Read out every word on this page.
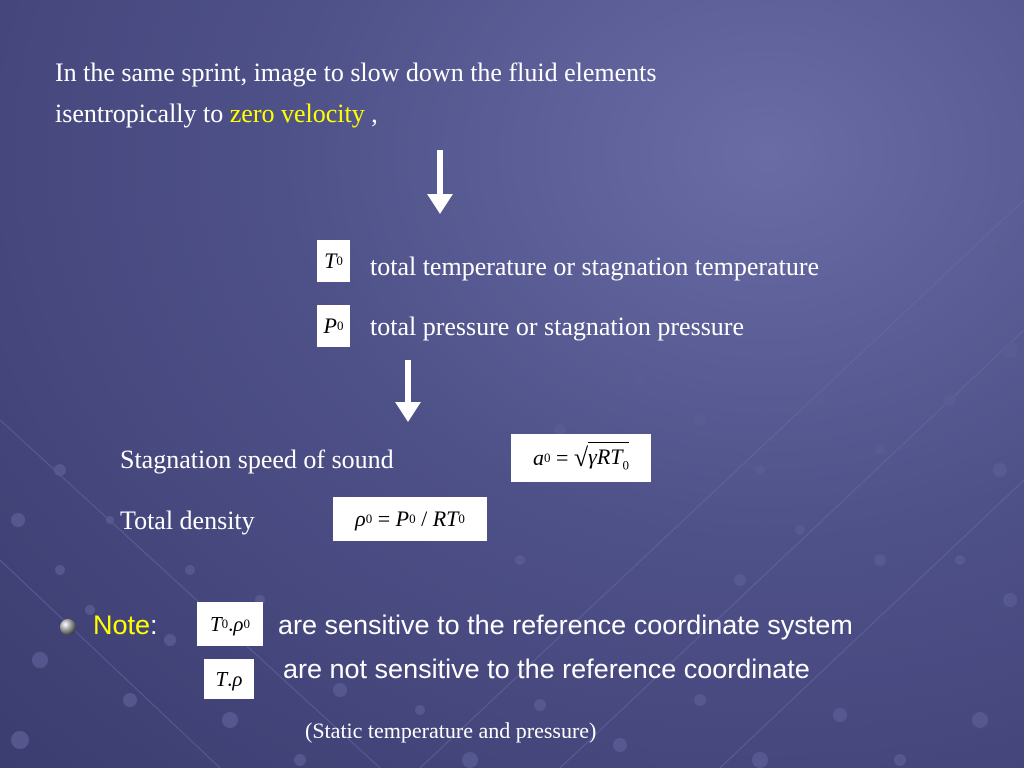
In the same sprint, image to slow down the fluid elements
isentropically to zero velocity ,
T 0 total temperature or stagnation temperature
P 0 total pressure or stagnation pressure
Stagnation speed of sound	a 0
=
√ γRT$_0$
Total density	ρ 0
=
P 0
/
RT 0
Note: T 0 . ρ 0 are sensitive to the reference coordinate system
T . ρ are not sensitive to the reference coordinate
(Static temperature and pressure)
